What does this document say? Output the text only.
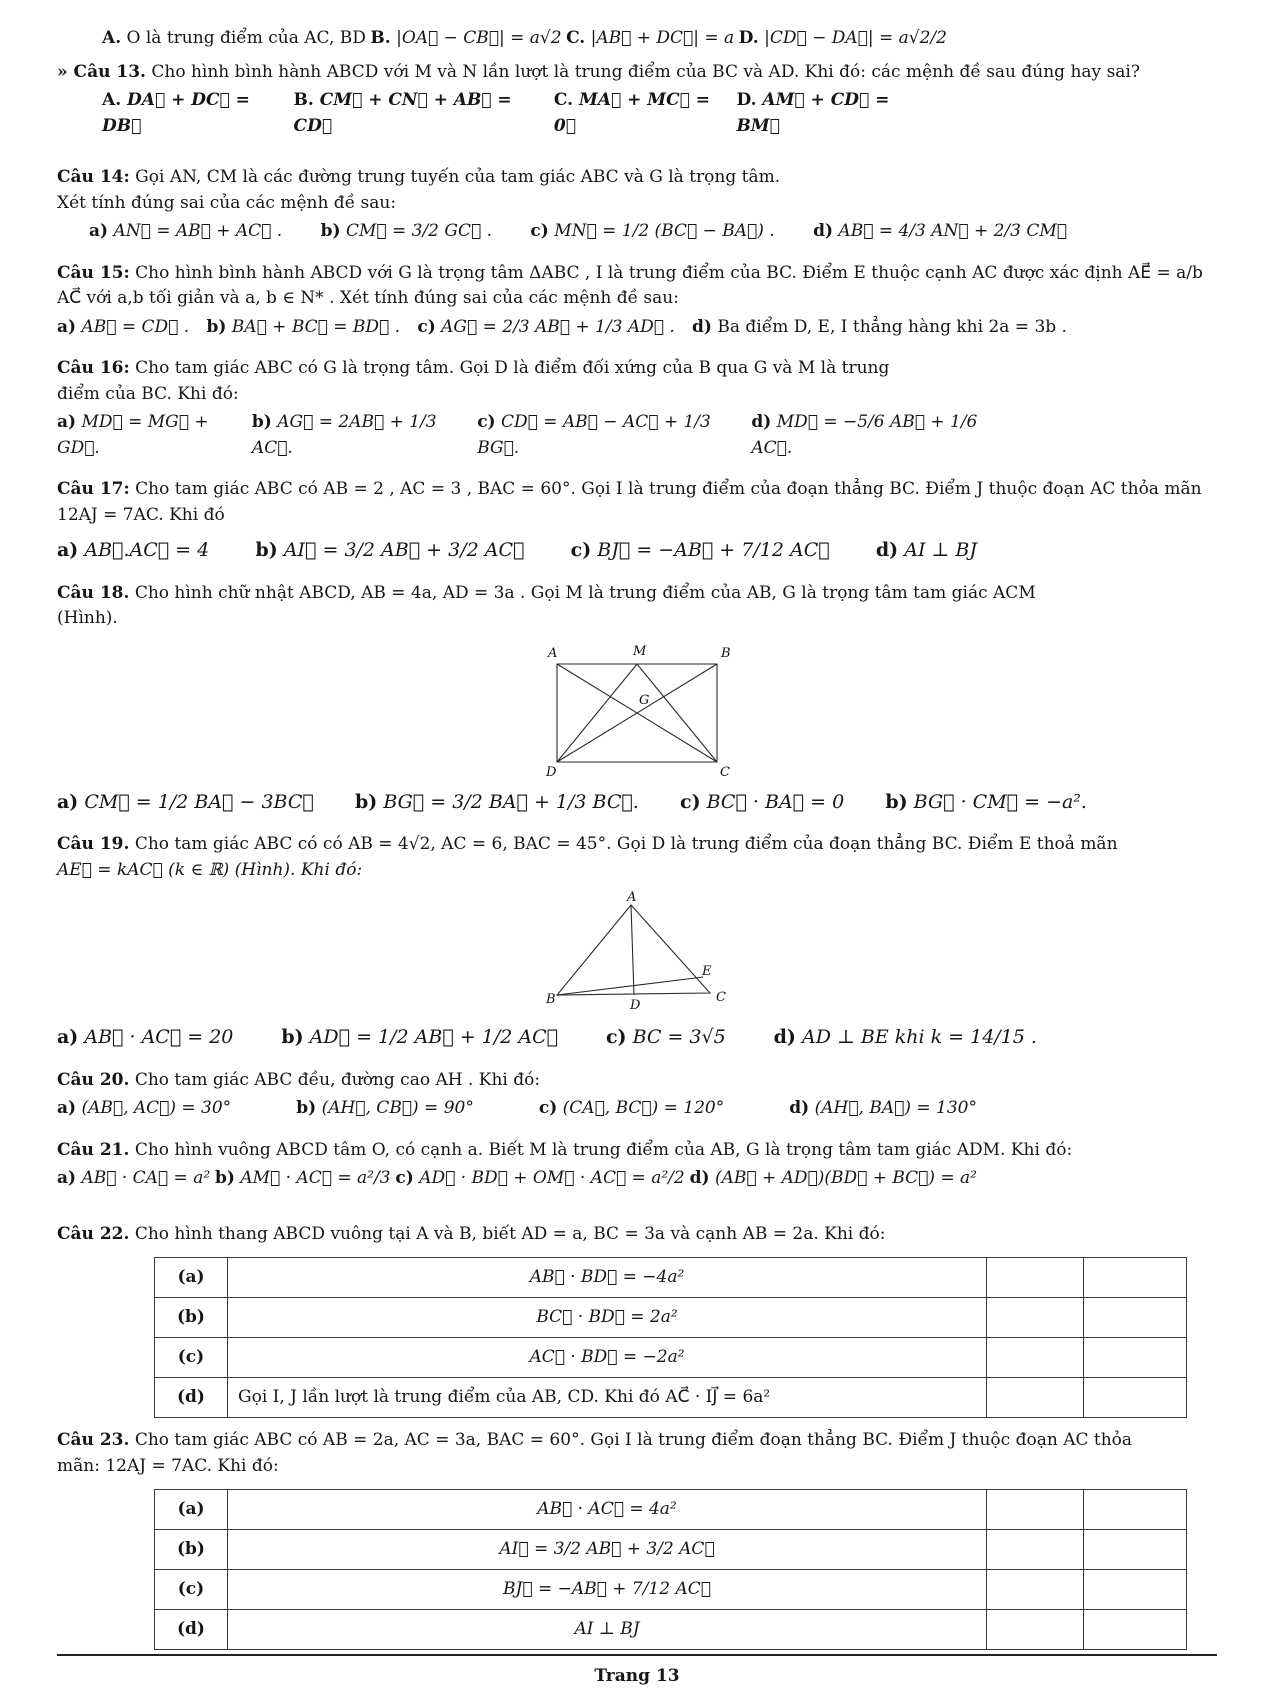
A. O là trung điểm của AC, BD B. |OA⃗ − CB⃗| = a√2 C. |AB⃗ + DC⃗| = a D. |CD⃗ − DA⃗| = a√2/2

» Câu 13. Cho hình bình hành ABCD với M và N lần lượt là trung điểm của BC và AD. Khi đó: các mệnh đề sau đúng hay sai?

A. DA⃗ + DC⃗ = DB⃗
B. CM⃗ + CN⃗ + AB⃗ = CD⃗
C. MA⃗ + MC⃗ = 0⃗
D. AM⃗ + CD⃗ = BM⃗

Câu 14: Gọi AN, CM là các đường trung tuyến của tam giác ABC và G là trọng tâm.

Xét tính đúng sai của các mệnh đề sau:

a) AN⃗ = AB⃗ + AC⃗ . b) CM⃗ = 3/2 GC⃗ . c) MN⃗ = 1/2 (BC⃗ − BA⃗) . d) AB⃗ = 4/3 AN⃗ + 2/3 CM⃗

Câu 15: Cho hình bình hành ABCD với G là trọng tâm ΔABC , I là trung điểm của BC. Điểm E thuộc cạnh AC được xác định AE⃗ = a/b AC⃗ với a,b tối giản và a, b ∈ N* . Xét tính đúng sai của các mệnh đề sau:

a) AB⃗ = CD⃗ . b) BA⃗ + BC⃗ = BD⃗ . c) AG⃗ = 2/3 AB⃗ + 1/3 AD⃗ . d) Ba điểm D, E, I thẳng hàng khi 2a = 3b .

Câu 16: Cho tam giác ABC có G là trọng tâm. Gọi D là điểm đối xứng của B qua G và M là trung

điểm của BC. Khi đó:

a) MD⃗ = MG⃗ + GD⃗.
b) AG⃗ = 2AB⃗ + 1/3 AC⃗.
c) CD⃗ = AB⃗ − AC⃗ + 1/3 BG⃗.
d) MD⃗ = −5/6 AB⃗ + 1/6 AC⃗.

Câu 17: Cho tam giác ABC có AB = 2 , AC = 3 , BAC = 60°. Gọi I là trung điểm của đoạn thẳng BC. Điểm J thuộc đoạn AC thỏa mãn 12AJ = 7AC. Khi đó

a) AB⃗.AC⃗ = 4 b) AI⃗ = 3/2 AB⃗ + 3/2 AC⃗ c) BJ⃗ = −AB⃗ + 7/12 AC⃗ d) AI ⊥ BJ

Câu 18. Cho hình chữ nhật ABCD, AB = 4a, AD = 3a . Gọi M là trung điểm của AB, G là trọng tâm tam giác ACM

(Hình).

A	M	B
D	C
G
a) CM⃗ = 1/2 BA⃗ − 3BC⃗ b) BG⃗ = 3/2 BA⃗ + 1/3 BC⃗. c) BC⃗ · BA⃗ = 0 b) BG⃗ · CM⃗ = −a².

Câu 19. Cho tam giác ABC có có AB = 4√2, AC = 6, BAC = 45°. Gọi D là trung điểm của đoạn thẳng BC. Điểm E thoả mãn

AE⃗ = kAC⃗ (k ∈ ℝ) (Hình). Khi đó:

A
B	C
D
E
a) AB⃗ · AC⃗ = 20	b) AD⃗ = 1/2 AB⃗ + 1/2 AC⃗	c) BC = 3√5	d) AD ⊥ BE khi k = 14/15 .

Câu 20. Cho tam giác ABC đều, đường cao AH . Khi đó:

a) (AB⃗, AC⃗) = 30°	b) (AH⃗, CB⃗) = 90°	c) (CA⃗, BC⃗) = 120°	d) (AH⃗, BA⃗) = 130°

Câu 21. Cho hình vuông ABCD tâm O, có cạnh a. Biết M là trung điểm của AB, G là trọng tâm tam giác ADM. Khi đó:

a) AB⃗ · CA⃗ = a² b) AM⃗ · AC⃗ = a²/3 c) AD⃗ · BD⃗ + OM⃗ · AC⃗ = a²/2 d) (AB⃗ + AD⃗)(BD⃗ + BC⃗) = a²

Câu 22. Cho hình thang ABCD vuông tại A và B, biết AD = a, BC = 3a và cạnh AB = 2a. Khi đó:

(a)	AB⃗ · BD⃗ = −4a²		
(b)	BC⃗ · BD⃗ = 2a²		
(c)	AC⃗ · BD⃗ = −2a²		
(d)	Gọi I, J lần lượt là trung điểm của AB, CD. Khi đó AC⃗ · IJ⃗ = 6a²		

Câu 23. Cho tam giác ABC có AB = 2a, AC = 3a, BAC = 60°. Gọi I là trung điểm đoạn thẳng BC. Điểm J thuộc đoạn AC thỏa

mãn: 12AJ = 7AC. Khi đó:

(a)	AB⃗ · AC⃗ = 4a²		
(b)	AI⃗ = 3/2 AB⃗ + 3/2 AC⃗		
(c)	BJ⃗ = −AB⃗ + 7/12 AC⃗		
(d)	AI ⊥ BJ		
Trang 13
